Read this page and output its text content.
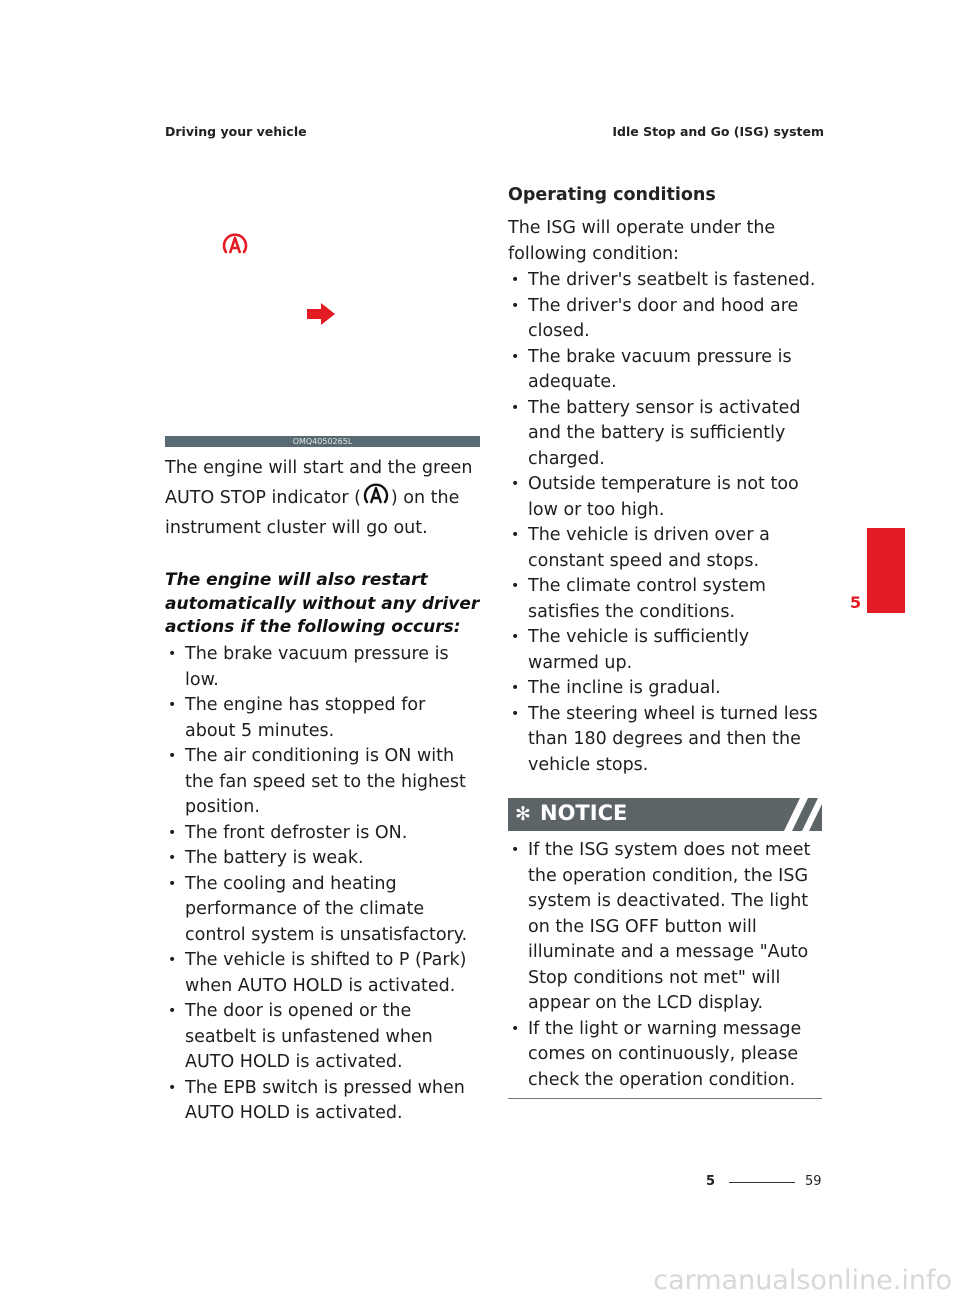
Driving your vehicle	Idle Stop and Go (ISG) system
OMQ4050265L

The engine will start and the green AUTO STOP indicator ( ) on the instrument cluster will go out.

The engine will also restart automatically without any driver actions if the following occurs:
• The brake vacuum pressure is low.
• The engine has stopped for about 5 minutes.
• The air conditioning is ON with the fan speed set to the highest position.
• The front defroster is ON.
• The battery is weak.
• The cooling and heating performance of the climate control system is unsatisfactory.
• The vehicle is shifted to P (Park) when AUTO HOLD is activated.
• The door is opened or the seatbelt is unfastened when AUTO HOLD is activated.
• The EPB switch is pressed when AUTO HOLD is activated.
Operating conditions

The ISG will operate under the following condition:

• The driver's seatbelt is fastened.
• The driver's door and hood are closed.
• The brake vacuum pressure is adequate.
• The battery sensor is activated and the battery is sufficiently charged.
• Outside temperature is not too low or too high.
• The vehicle is driven over a constant speed and stops.
• The climate control system satisfies the conditions.
• The vehicle is sufficiently warmed up.
• The incline is gradual.
• The steering wheel is turned less than 180 degrees and then the vehicle stops.
✻ NOTICE
• If the ISG system does not meet the operation condition, the ISG system is deactivated. The light on the ISG OFF button will illuminate and a message "Auto Stop conditions not met" will appear on the LCD display.
• If the light or warning message comes on continuously, please check the operation condition.
5
5	59
carmanualsonline.info
